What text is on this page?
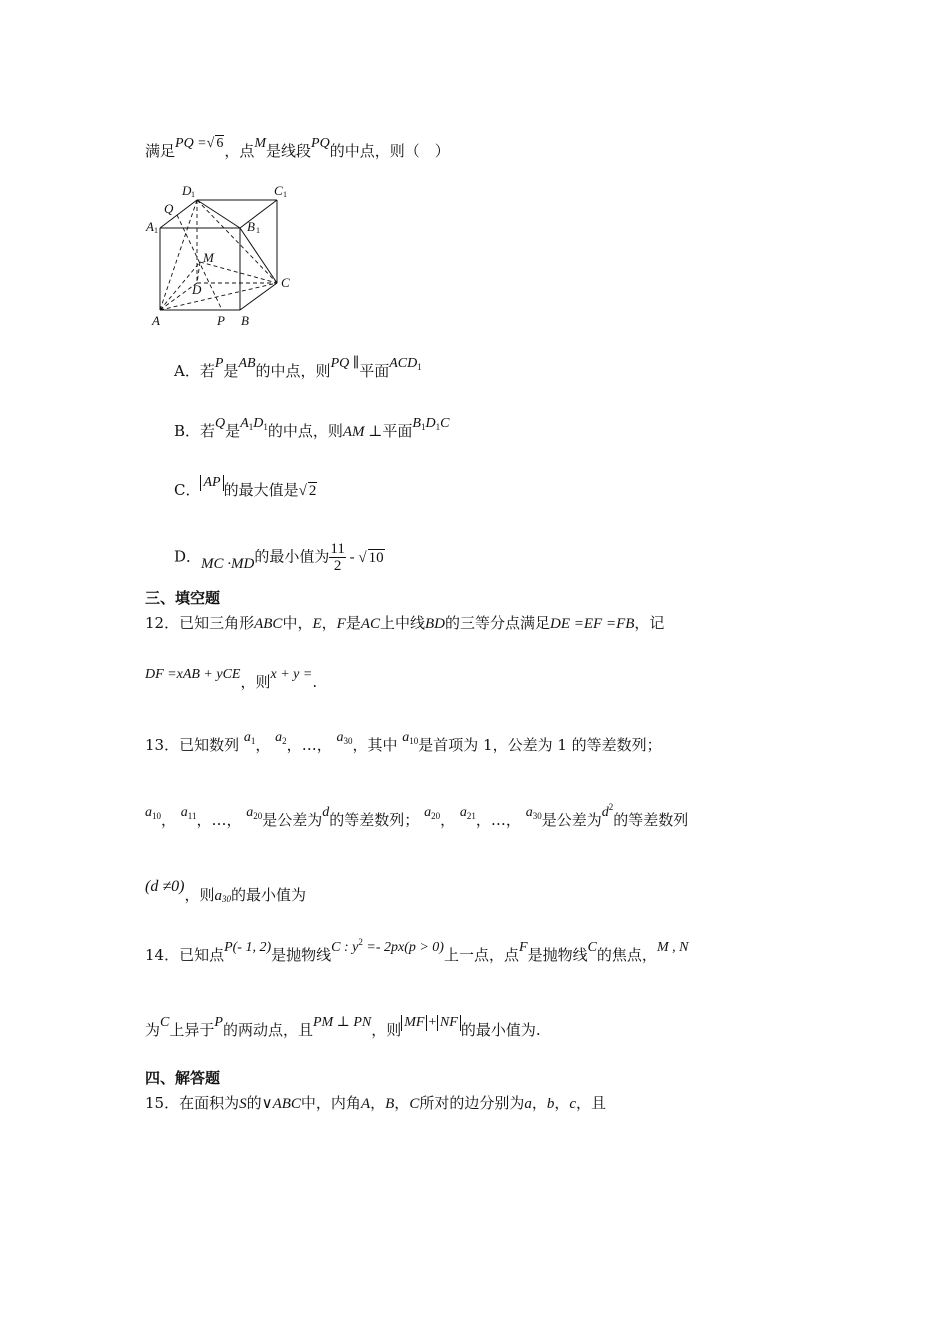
满足PQ =√ 6，点M是线段PQ的中点，则（　）
D 1	C 1
Q
A 1	B 1
M
D	C
A	P B
A．若P是AB的中点，则PQ ∥平面$ACD_1$
B．若Q是$A_1D_1$的中点，则AM ⊥平面$B_1D_1C$
C． AP 的最大值是√ 2
D．MC ·MD的最小值为 $\frac{11}{2}$ - √ 10
三、填空题
12．已知三角形ABC中，E，F是AC上中线BD的三等分点满足DE =EF =FB，记
DF =xAB + yCE，则x + y =.
13．已知数列 $a_1$， $a_2$，…， $a_{30}$，其中 $a_{10}$是首项为 1，公差为 1 的等差数列；
$a_{10}$， $a_{11}$，…， $a_{20}$是公差为d的等差数列； $a_{20}$， $a_{21}$，…， $a_{30}$是公差为$d^2$的等差数列
(d ≠0)，则a30的最小值为
14．已知点P(- 1, 2)是抛物线C : $y^2 =- 2px(p > 0)$上一点，点F是抛物线C的焦点，M , N
为C上异于P的两动点，且PM ⊥ PN，则 MF + NF 的最小值为.
四、解答题
15．在面积为S的∨ABC中，内角A，B，C所对的边分别为a，b，c，且
